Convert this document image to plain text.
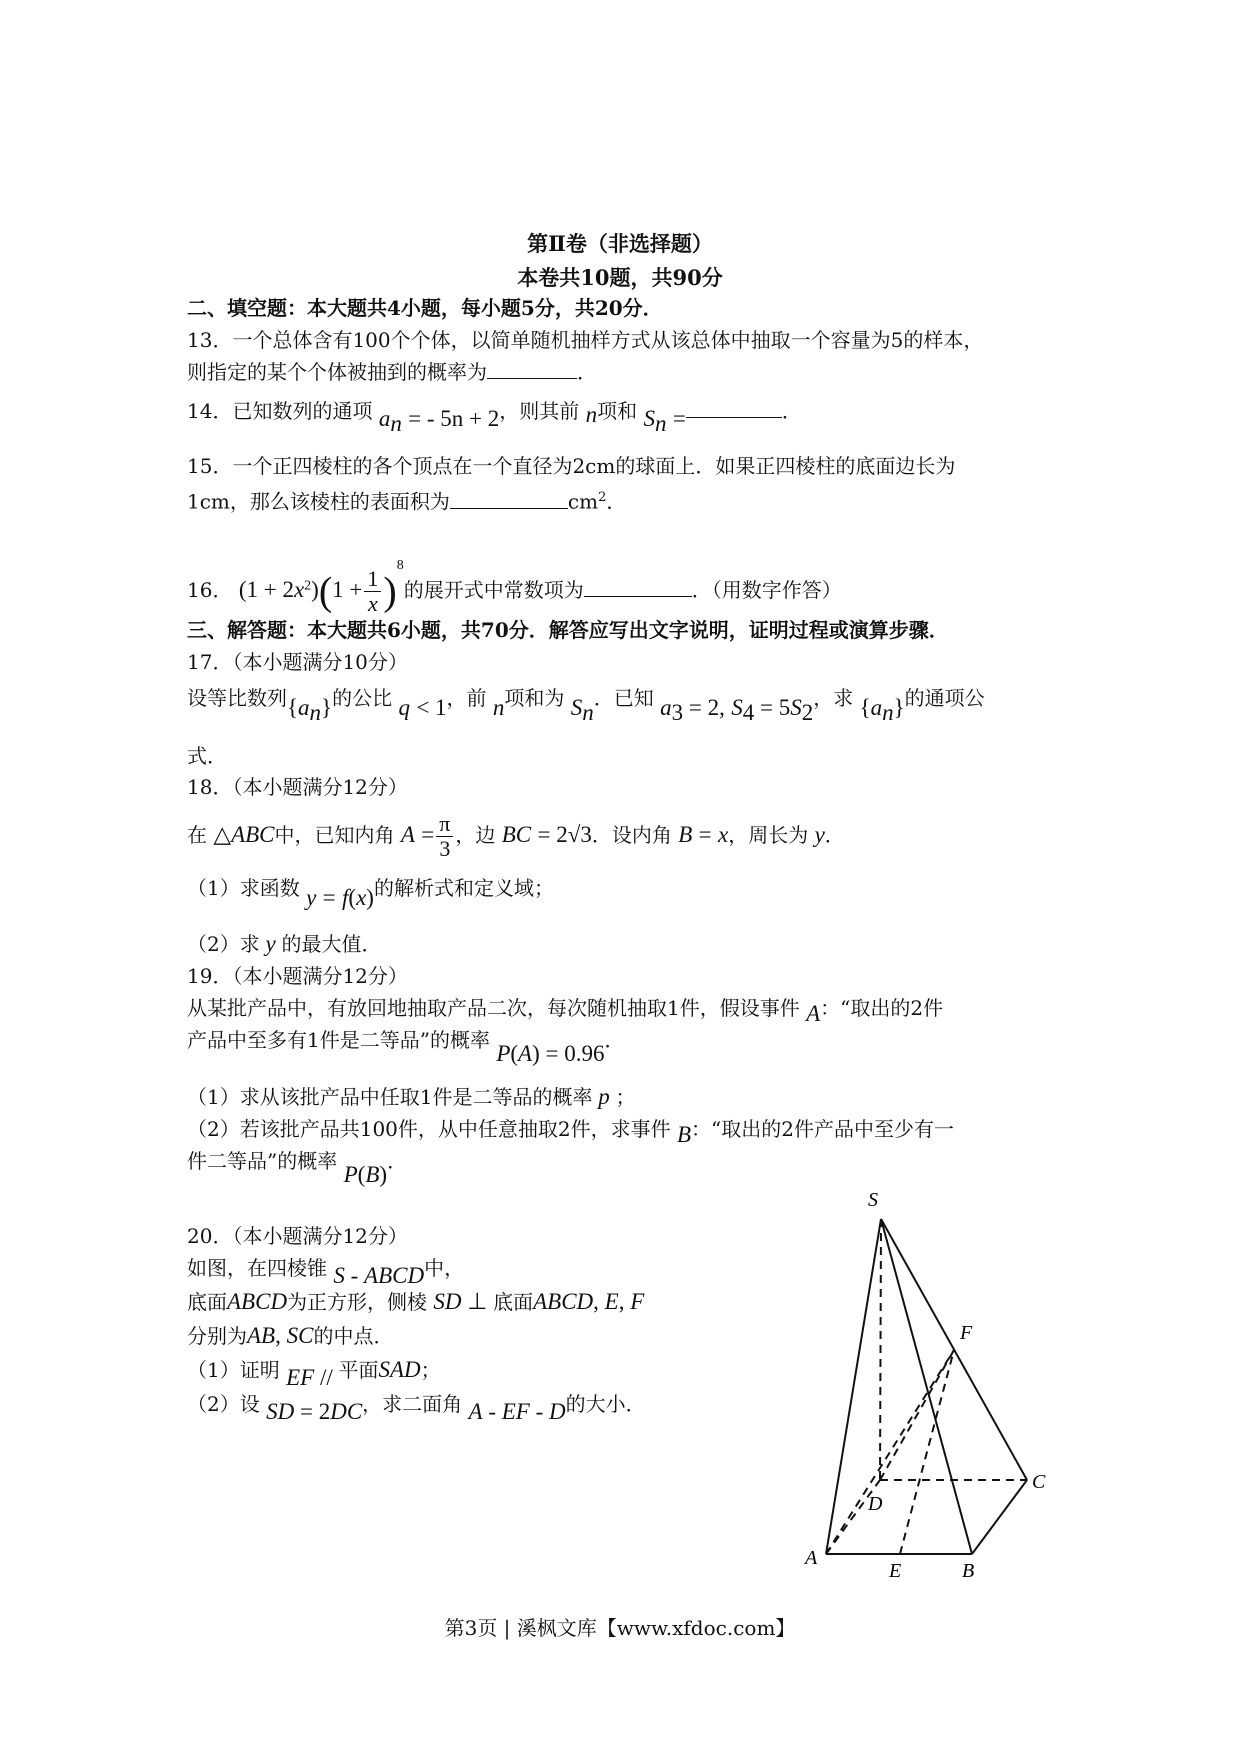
第Ⅱ卷（非选择题）
本卷共10题，共90分
二、填空题：本大题共4小题，每小题5分，共20分．
13．一个总体含有100个个体，以简单随机抽样方式从该总体中抽取一个容量为5的样本，
则指定的某个个体被抽到的概率为	．
14．已知数列的通项 $a_n$ = - 5n + 2，则其前 n项和 $S_n$ =	．
15．一个正四棱柱的各个顶点在一个直径为2cm的球面上．如果正四棱柱的底面边长为
1cm，那么该棱柱的表面积为	$cm^2$．
16． $(1 + 2x^2)(1 + \frac{1}{x} )^8$的展开式中常数项为	．（用数字作答）
三、解答题：本大题共6小题，共70分．解答应写出文字说明，证明过程或演算步骤．
17．（本小题满分10分）
设等比数列$\{a_n\}$的公比 q < 1，前 n项和为 $S_n$．已知 $a_3 = 2$, $S_4 = 5S_2$，求 $\{a_n\}$的通项公
式．
18．（本小题满分12分）
在 △ABC中，已知内角 $A = \frac{\pi}{3}$ ，边 BC = 2√3．设内角 B = x，周长为 y．
（1）求函数 y = f(x)的解析式和定义域；
（2）求 y 的最大值．
19．（本小题满分12分）
从某批产品中，有放回地抽取产品二次，每次随机抽取1件，假设事件 A：“取出的2件
产品中至多有1件是二等品”的概率 P(A) = 0.96．
（1）求从该批产品中任取1件是二等品的概率 p ；
（2）若该批产品共100件，从中任意抽取2件，求事件 B：“取出的2件产品中至少有一
件二等品”的概率 P(B)．
20．（本小题满分12分）
如图，在四棱锥 S - ABCD中，
底面ABCD为正方形，侧棱 SD ⊥ 底面ABCD, E, F
分别为AB, SC的中点．
（1）证明 EF // 平面SAD；
（2）设 SD = 2DC，求二面角 A - EF - D的大小．
S
F
C
D
A
E	B
第3页 | 溪枫文库【www.xfdoc.com】
